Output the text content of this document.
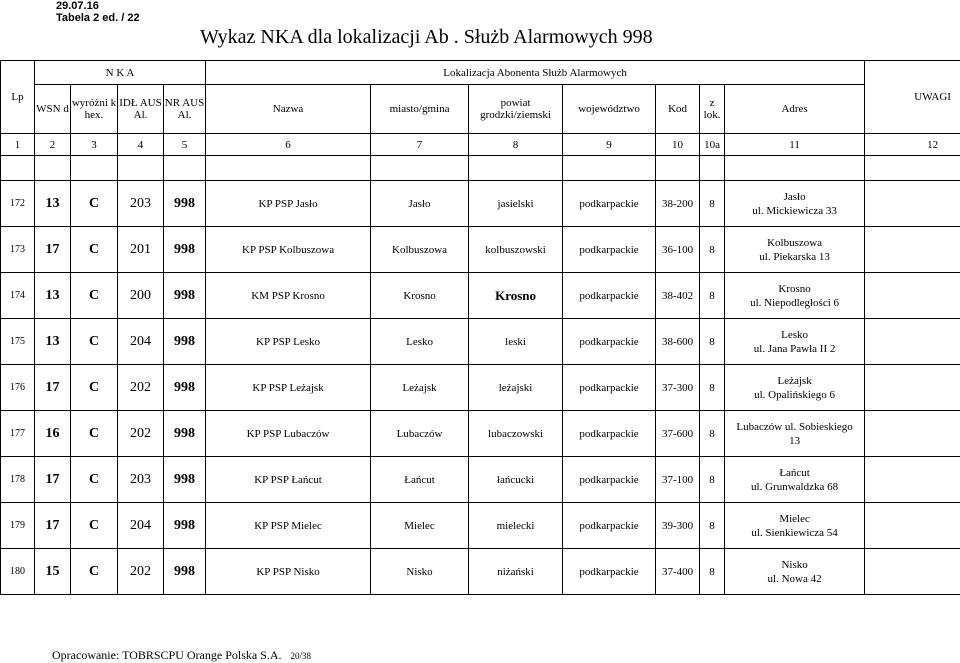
29.07.16
Tabela 2 ed. / 22
Wykaz NKA dla lokalizacji Ab . Służb Alarmowych 998
Lp	N K A				Lokalizacja Abonenta Służb Alarmowych							UWAGI
	WSN d	wyróżni k hex.	IDŁ AUS Al.	NR AUS Al.	Nazwa	miasto/gmina	powiat grodzki/ziemski	województwo	Kod	z lok.	Adres	
1	2	3	4	5	6	7	8	9	10	10a	11	12

172	13	C	203	998	KP PSP Jasło	Jasło	jasielski	podkarpackie	38-200	8	Jasło
ul. Mickiewicza 33	

173	17	C	201	998	KP PSP Kolbuszowa	Kolbuszowa	kolbuszowski	podkarpackie	36-100	8	Kolbuszowa
ul. Piekarska 13	

174	13	C	200	998	KM PSP Krosno	Krosno	Krosno	podkarpackie	38-402	8	Krosno
ul. Niepodległości 6	

175	13	C	204	998	KP PSP Lesko	Lesko	leski	podkarpackie	38-600	8	Lesko
ul. Jana Pawła II 2	

176	17	C	202	998	KP PSP Leżajsk	Leżajsk	leżajski	podkarpackie	37-300	8	Leżajsk
ul. Opalińskiego 6	

177	16	C	202	998	KP PSP Lubaczów	Lubaczów	lubaczowski	podkarpackie	37-600	8	Lubaczów ul. Sobieskiego
13	

178	17	C	203	998	KP PSP Łańcut	Łańcut	łańcucki	podkarpackie	37-100	8	Łańcut
ul. Grunwaldzka 68	

179	17	C	204	998	KP PSP Mielec	Mielec	mielecki	podkarpackie	39-300	8	Mielec
ul. Sienkiewicza 54	

180	15	C	202	998	KP PSP Nisko	Nisko	niżański	podkarpackie	37-400	8	Nisko
ul. Nowa 42	

Opracowanie: TOBRSCPU Orange Polska S.A. 20/38
